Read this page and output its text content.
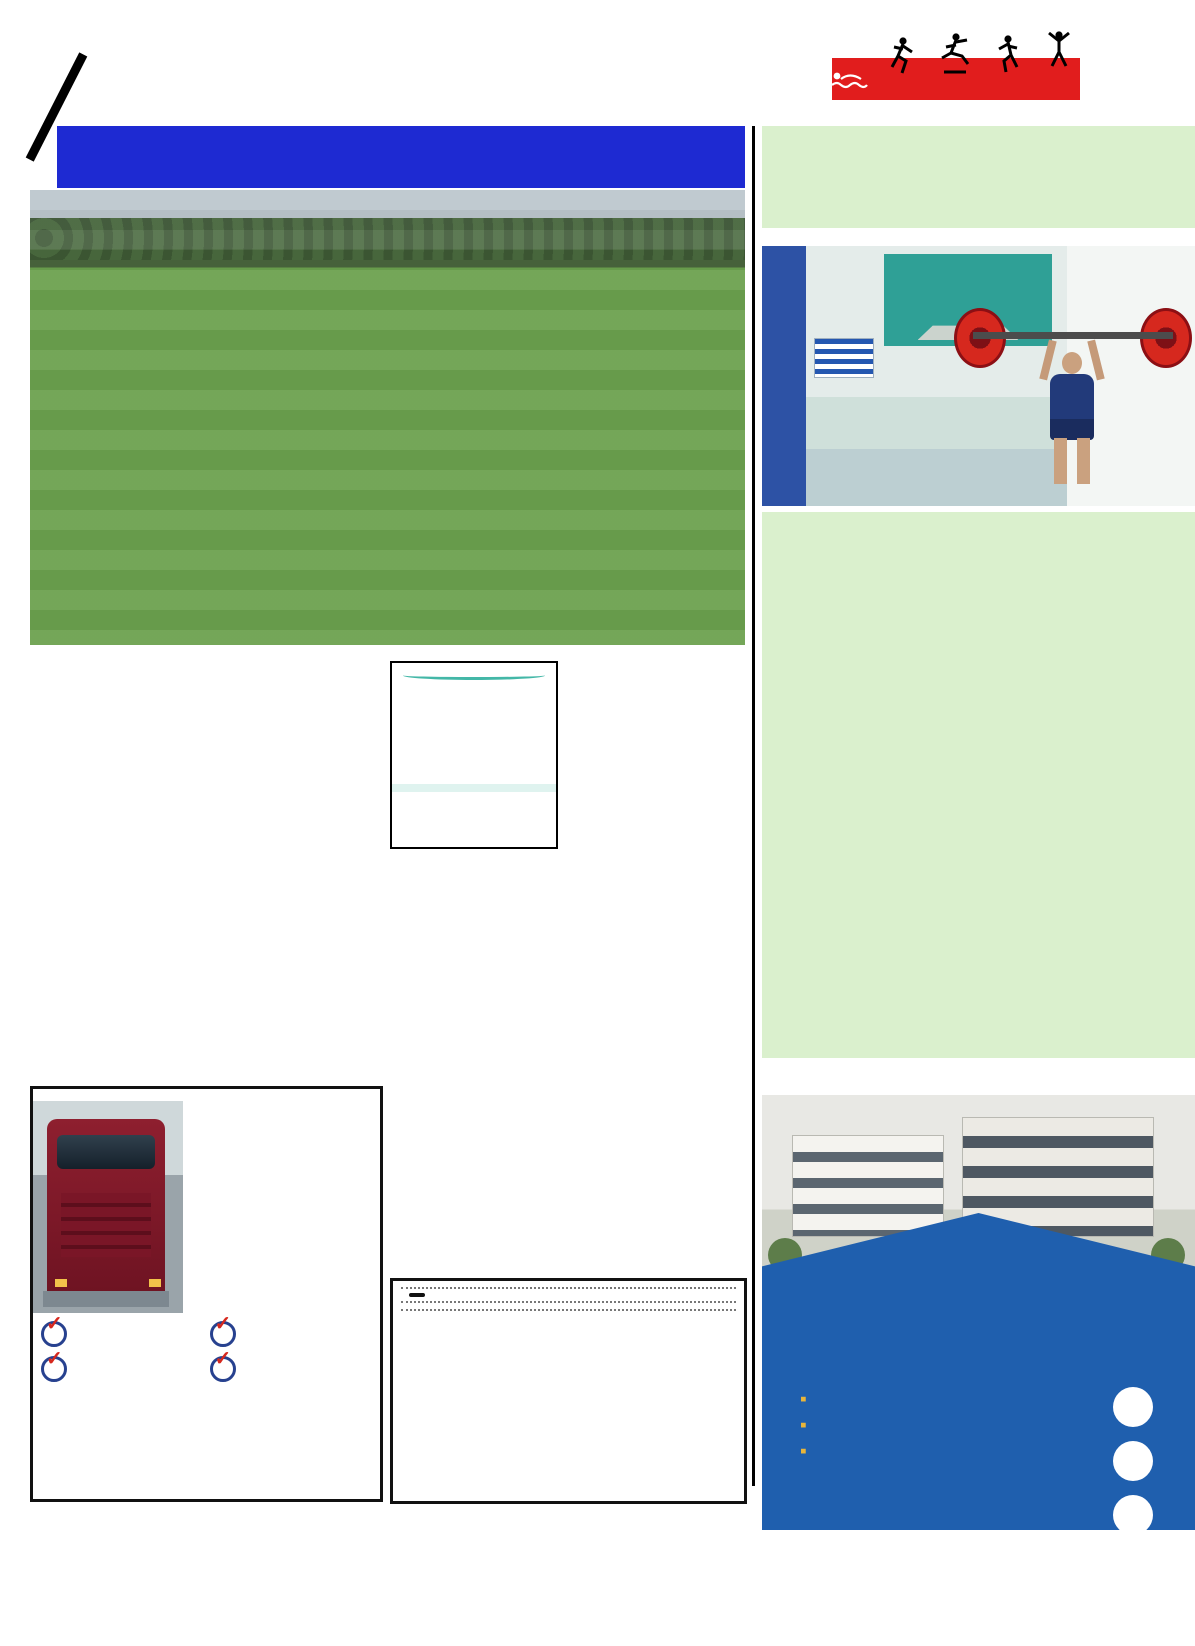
✓
✓
✓
✓

▪
▪
▪
